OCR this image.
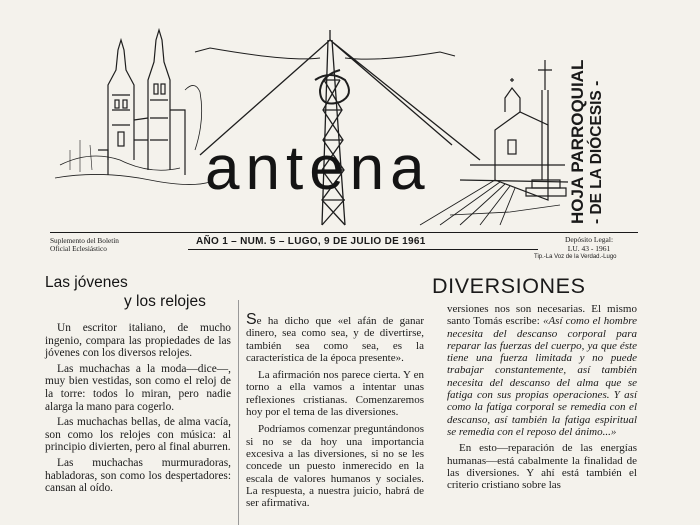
antena	HOJA PARROQUIAL - DE LA DIÓCESIS -
Suplemento del Boletín
Oficial Eclesiástico
AÑO 1 – NUM. 5 – LUGO, 9 DE JULIO DE 1961	Depósito Legal:
LU. 43 - 1961
Tip.-La Voz de la Verdad.-Lugo
Las jóvenes
y los relojes

Un escritor italiano, de mucho ingenio, compara las propiedades de las jóvenes con los diversos relojes.

Las muchachas a la moda—dice—, muy bien vestidas, son como el reloj de la torre: todos lo miran, pero nadie alarga la mano para cogerlo.

Las muchachas bellas, de alma vacía, son como los relojes con música: al principio divierten, pero al final aburren.

Las muchachas murmuradoras, habladoras, son como los despertadores: cansan al oído.

DIVERSIONES

Se ha dicho que «el afán de ganar dinero, sea como sea, y de divertirse, también sea como sea, es la característica de la época presente».

La afirmación nos parece cierta. Y en torno a ella vamos a intentar unas reflexiones cristianas. Comenzaremos hoy por el tema de las diversiones.

Podríamos comenzar preguntándonos si no se da hoy una importancia excesiva a las diversiones, si no se les concede un puesto inmerecido en la escala de valores humanos y sociales. La respuesta, a nuestra juicio, habrá de ser afirmativa.

versiones nos son necesarias. El mismo santo Tomás escribe: «Así como el hombre necesita del descanso corporal para reparar las fuerzas del cuerpo, ya que éste tiene una fuerza limitada y no puede trabajar constantemente, así también necesita del descanso del alma que se fatiga con sus propias operaciones. Y así como la fatiga corporal se remedia con el descanso, así también la fatiga espiritual se remedia con el reposo del ánimo...»

En esto—reparación de las energías humanas—está cabalmente la finalidad de las diversiones. Y ahí está también el criterio cristiano sobre las
